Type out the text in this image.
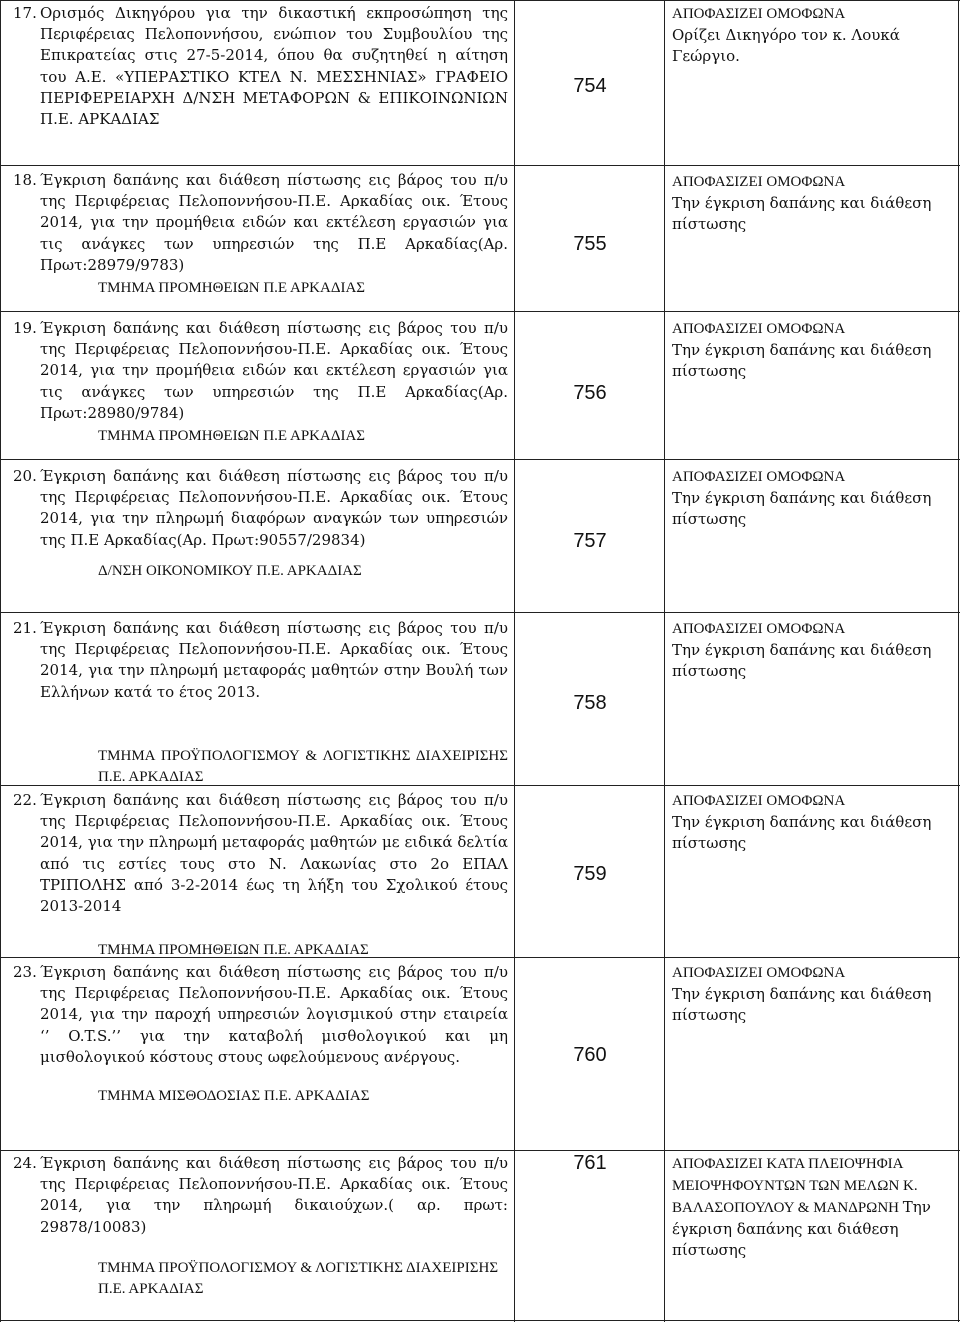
17. Ορισμός Δικηγόρου για την δικαστική εκπροσώπηση της Περιφέρειας Πελοποννήσου, ενώπιον του Συμβουλίου της Επικρατείας στις 27-5-2014, όπου θα συζητηθεί η αίτηση του Α.Ε. «ΥΠΕΡΑΣΤΙΚΟ ΚΤΕΛ Ν. ΜΕΣΣΗΝΙΑΣ» ΓΡΑΦΕΙΟ ΠΕΡΙΦΕΡΕΙΑΡΧΗ Δ/ΝΣΗ ΜΕΤΑΦΟΡΩΝ & ΕΠΙΚΟΙΝΩΝΙΩΝ Π.Ε. ΑΡΚΑΔΙΑΣ
754
ΑΠΟΦΑΣΙΖΕΙ ΟΜΟΦΩΝΑ
Ορίζει Δικηγόρο τον κ. Λουκά Γεώργιο.
18. Έγκριση δαπάνης και διάθεση πίστωσης εις βάρος του π/υ της Περιφέρειας Πελοποννήσου-Π.Ε. Αρκαδίας οικ. Έτους 2014, για την προμήθεια ειδών και εκτέλεση εργασιών για τις ανάγκες των υπηρεσιών της Π.Ε Αρκαδίας(Αρ. Πρωτ:28979/9783)
ΤΜΗΜΑ ΠΡΟΜΗΘΕΙΩΝ Π.Ε ΑΡΚΑΔΙΑΣ
755
ΑΠΟΦΑΣΙΖΕΙ ΟΜΟΦΩΝΑ
Την έγκριση δαπάνης και διάθεση πίστωσης
19. Έγκριση δαπάνης και διάθεση πίστωσης εις βάρος του π/υ της Περιφέρειας Πελοποννήσου-Π.Ε. Αρκαδίας οικ. Έτους 2014, για την προμήθεια ειδών και εκτέλεση εργασιών για τις ανάγκες των υπηρεσιών της Π.Ε Αρκαδίας(Αρ. Πρωτ:28980/9784)
ΤΜΗΜΑ ΠΡΟΜΗΘΕΙΩΝ Π.Ε ΑΡΚΑΔΙΑΣ
756
ΑΠΟΦΑΣΙΖΕΙ ΟΜΟΦΩΝΑ
Την έγκριση δαπάνης και διάθεση πίστωσης
20. Έγκριση δαπάνης και διάθεση πίστωσης εις βάρος του π/υ της Περιφέρειας Πελοποννήσου-Π.Ε. Αρκαδίας οικ. Έτους 2014, για την πληρωμή διαφόρων αναγκών των υπηρεσιών της Π.Ε Αρκαδίας(Αρ. Πρωτ:90557/29834)
Δ/ΝΣΗ ΟΙΚΟΝΟΜΙΚΟΥ Π.Ε. ΑΡΚΑΔΙΑΣ
757
ΑΠΟΦΑΣΙΖΕΙ ΟΜΟΦΩΝΑ
Την έγκριση δαπάνης και διάθεση πίστωσης
21. Έγκριση δαπάνης και διάθεση πίστωσης εις βάρος του π/υ της Περιφέρειας Πελοποννήσου-Π.Ε. Αρκαδίας οικ. Έτους 2014, για την πληρωμή μεταφοράς μαθητών στην Βουλή των Ελλήνων κατά το έτος 2013.
758
ΑΠΟΦΑΣΙΖΕΙ ΟΜΟΦΩΝΑ
Την έγκριση δαπάνης και διάθεση πίστωσης
ΤΜΗΜΑ ΠΡΟΫΠΟΛΟΓΙΣΜΟΥ & ΛΟΓΙΣΤΙΚΗΣ ΔΙΑΧΕΙΡΙΣΗΣ Π.Ε. ΑΡΚΑΔΙΑΣ
22. Έγκριση δαπάνης και διάθεση πίστωσης εις βάρος του π/υ της Περιφέρειας Πελοποννήσου-Π.Ε. Αρκαδίας οικ. Έτους 2014, για την πληρωμή μεταφοράς μαθητών με ειδικά δελτία από τις εστίες τους στο Ν. Λακωνίας στο 2ο ΕΠΑΛ ΤΡΙΠΟΛΗΣ από 3-2-2014 έως τη λήξη του Σχολικού έτους 2013-2014
759
ΑΠΟΦΑΣΙΖΕΙ ΟΜΟΦΩΝΑ
Την έγκριση δαπάνης και διάθεση πίστωσης
ΤΜΗΜΑ ΠΡΟΜΗΘΕΙΩΝ Π.Ε. ΑΡΚΑΔΙΑΣ
23. Έγκριση δαπάνης και διάθεση πίστωσης εις βάρος του π/υ της Περιφέρειας Πελοποννήσου-Π.Ε. Αρκαδίας οικ. Έτους 2014, για την παροχή υπηρεσιών λογισμικού στην εταιρεία ‘’ O.T.S.’’ για την καταβολή μισθολογικού και μη μισθολογικού κόστους στους ωφελούμενους ανέργους.
ΤΜΗΜΑ ΜΙΣΘΟΔΟΣΙΑΣ Π.Ε. ΑΡΚΑΔΙΑΣ
760
ΑΠΟΦΑΣΙΖΕΙ ΟΜΟΦΩΝΑ
Την έγκριση δαπάνης και διάθεση πίστωσης
24. Έγκριση δαπάνης και διάθεση πίστωσης εις βάρος του π/υ της Περιφέρειας Πελοποννήσου-Π.Ε. Αρκαδίας οικ. Έτους 2014, για την πληρωμή δικαιούχων.( αρ. πρωτ: 29878/10083)
ΤΜΗΜΑ ΠΡΟΫΠΟΛΟΓΙΣΜΟΥ & ΛΟΓΙΣΤΙΚΗΣ ΔΙΑΧΕΙΡΙΣΗΣ Π.Ε. ΑΡΚΑΔΙΑΣ
761	ΑΠΟΦΑΣΙΖΕΙ ΚΑΤΑ ΠΛΕΙΟΨΗΦΙΑ ΜΕΙΟΨΗΦΟΥΝΤΩΝ ΤΩΝ ΜΕΛΩΝ Κ. ΒΑΛΑΣΟΠΟΥΛΟΥ & ΜΑΝΔΡΩΝΗ Την έγκριση δαπάνης και διάθεση πίστωσης
